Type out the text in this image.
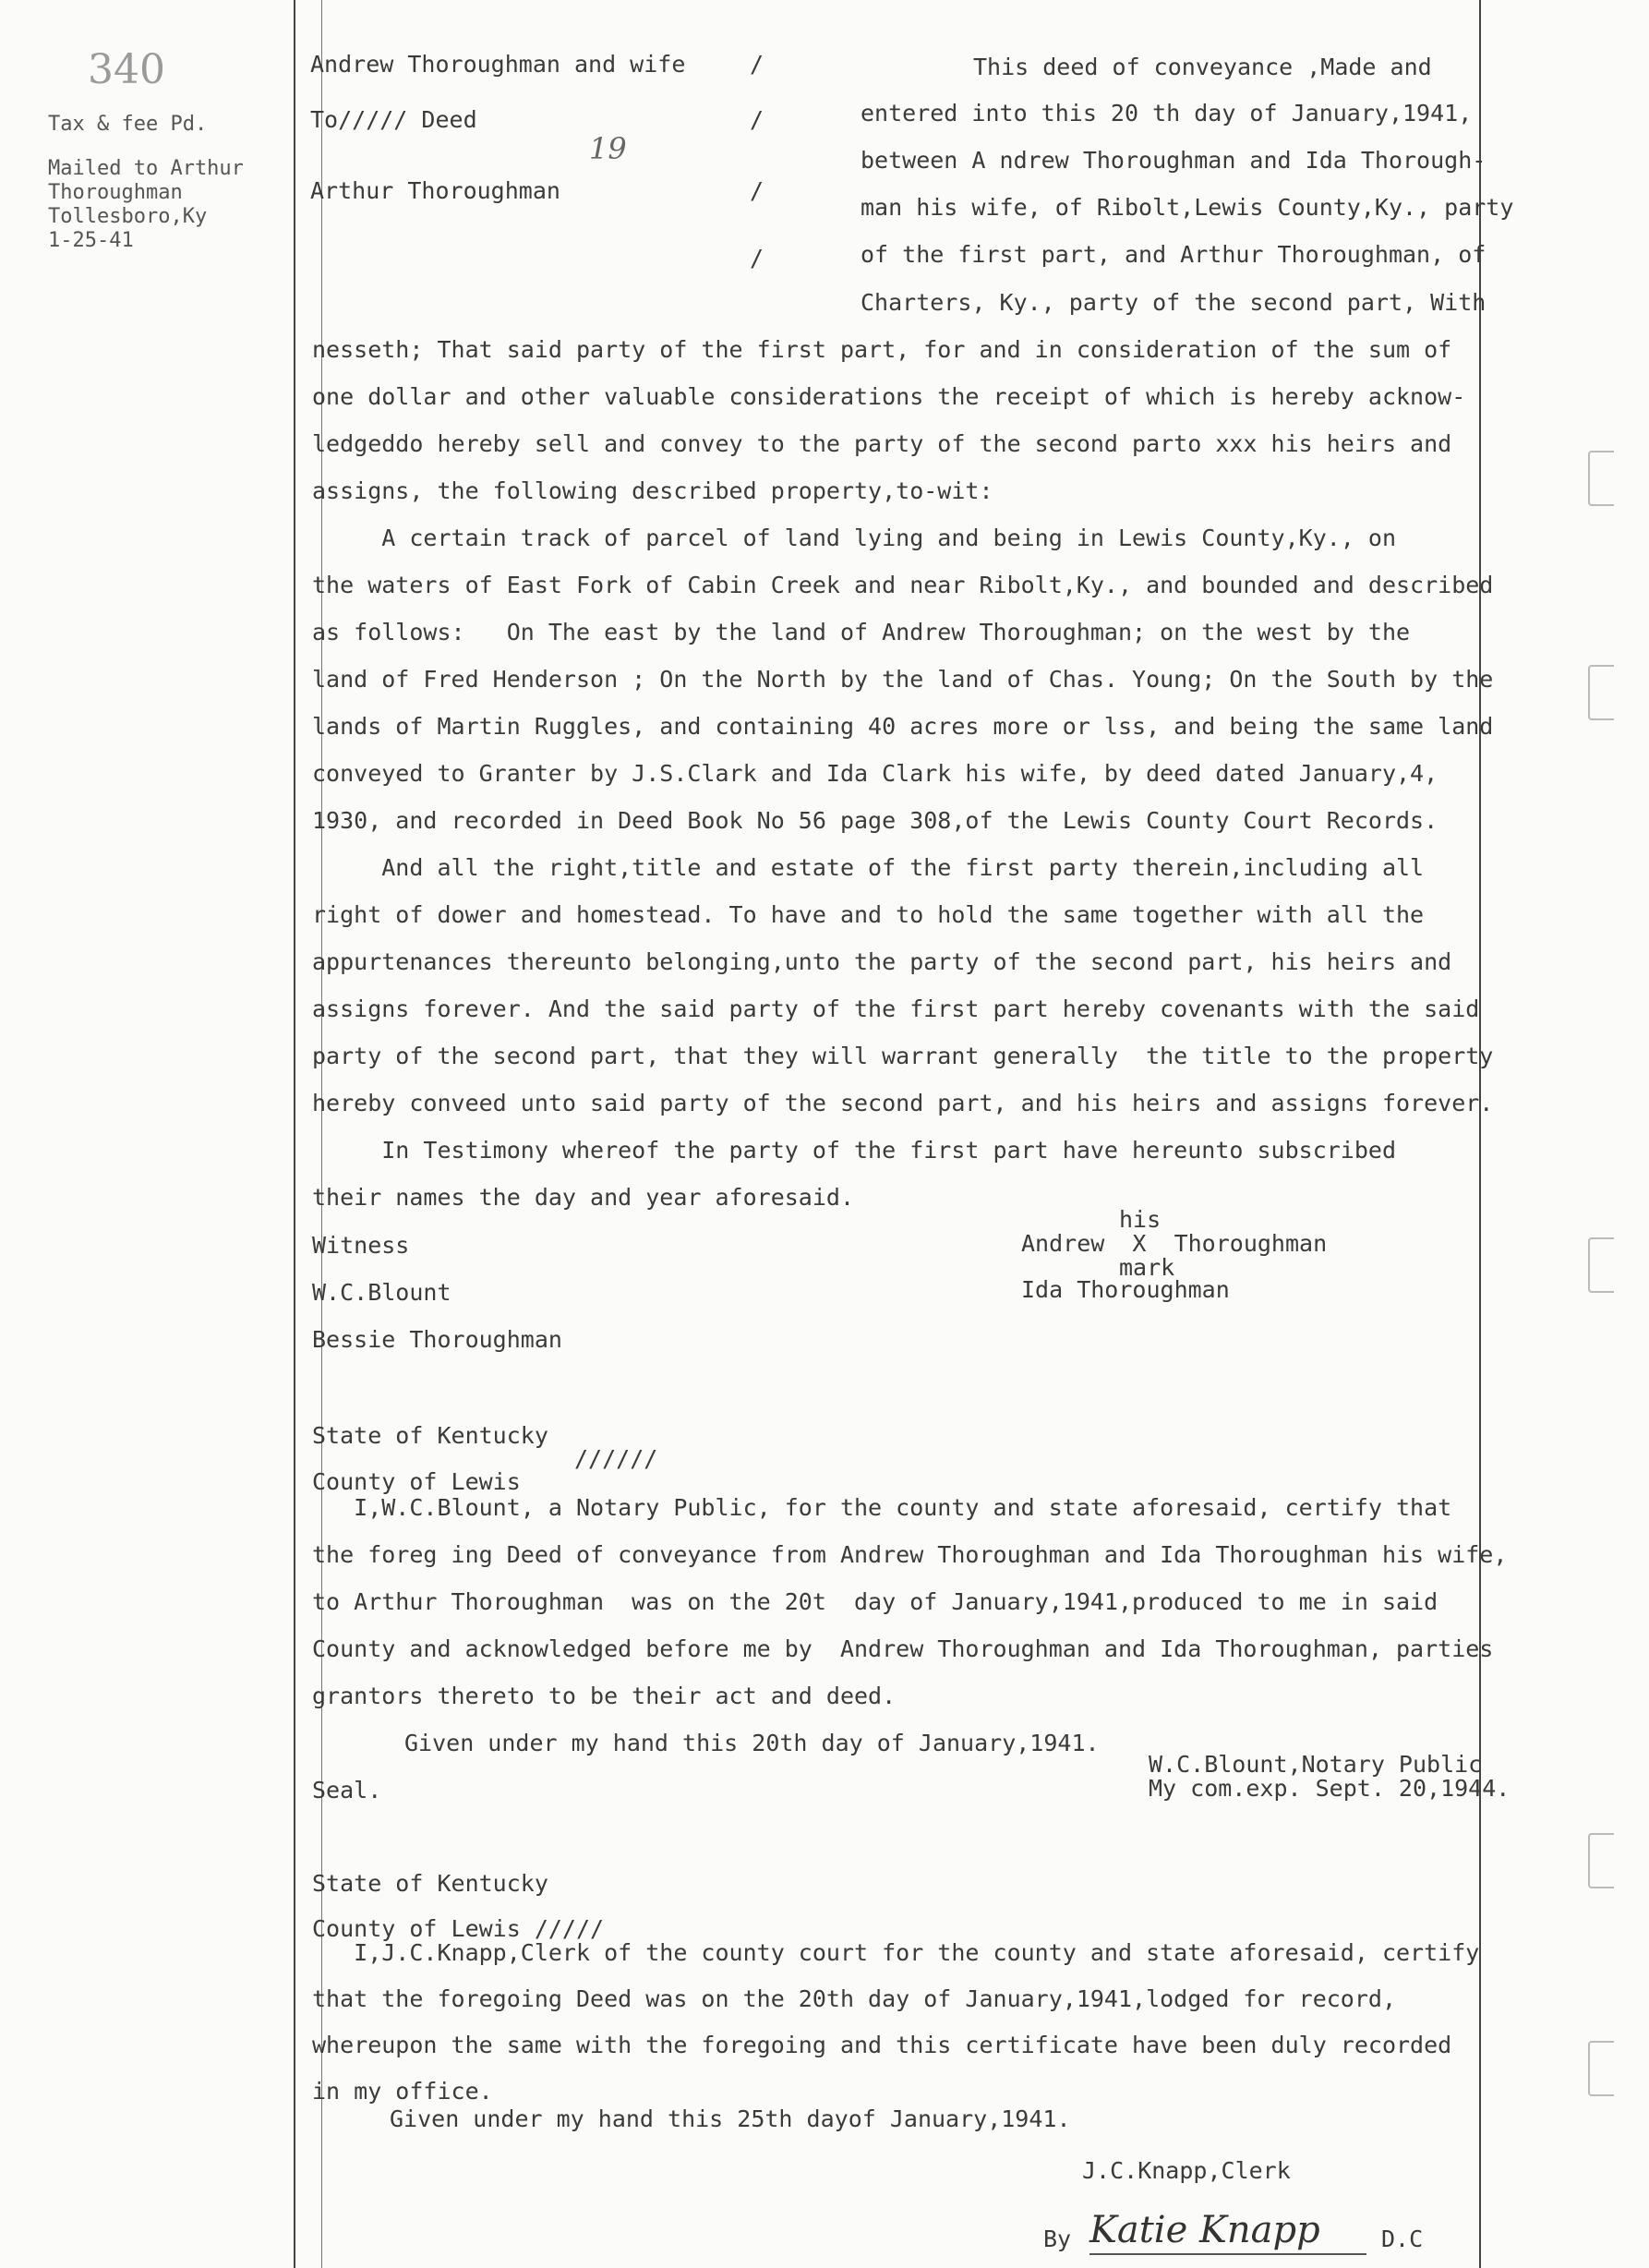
340
Tax & fee Pd.
Mailed to Arthur
Thoroughman
Tollesboro,Ky
1-25-41
Andrew Thoroughman and wife
To///// Deed
Arthur Thoroughman
19
/
/
/
/
This deed of conveyance ,Made and
entered into this 20 th day of January,1941,
between A ndrew Thoroughman and Ida Thorough-
man his wife, of Ribolt,Lewis County,Ky., party
of the first part, and Arthur Thoroughman, of
Charters, Ky., party of the second part, With
nesseth; That said party of the first part, for and in consideration of the sum of
one dollar and other valuable considerations the receipt of which is hereby acknow-
ledgeddo hereby sell and convey to the party of the second parto xxx his heirs and
assigns, the following described property,to-wit:
A certain track of parcel of land lying and being in Lewis County,Ky., on
the waters of East Fork of Cabin Creek and near Ribolt,Ky., and bounded and described
as follows:   On The east by the land of Andrew Thoroughman; on the west by the
land of Fred Henderson ; On the North by the land of Chas. Young; On the South by the
lands of Martin Ruggles, and containing 40 acres more or lss, and being the same land
conveyed to Granter by J.S.Clark and Ida Clark his wife, by deed dated January,4,
1930, and recorded in Deed Book No 56 page 308,of the Lewis County Court Records.
And all the right,title and estate of the first party therein,including all
right of dower and homestead. To have and to hold the same together with all the
appurtenances thereunto belonging,unto the party of the second part, his heirs and
assigns forever. And the said party of the first part hereby covenants with the said
party of the second part, that they will warrant generally  the title to the property
hereby conveed unto said party of the second part, and his heirs and assigns forever.
In Testimony whereof the party of the first part have hereunto subscribed
their names the day and year aforesaid.
his
Witness	Andrew  X  Thoroughman
mark
W.C.Blount	Ida Thoroughman
Bessie Thoroughman
State of Kentucky
//////
County of Lewis
I,W.C.Blount, a Notary Public, for the county and state aforesaid, certify that
the foreg ing Deed of conveyance from Andrew Thoroughman and Ida Thoroughman his wife,
to Arthur Thoroughman  was on the 20t  day of January,1941,produced to me in said
County and acknowledged before me by  Andrew Thoroughman and Ida Thoroughman, parties
grantors thereto to be their act and deed.
Given under my hand this 20th day of January,1941.
W.C.Blount,Notary Public
Seal.	My com.exp. Sept. 20,1944.
State of Kentucky
County of Lewis /////
I,J.C.Knapp,Clerk of the county court for the county and state aforesaid, certify
that the foregoing Deed was on the 20th day of January,1941,lodged for record,
whereupon the same with the foregoing and this certificate have been duly recorded
in my office.
Given under my hand this 25th dayof January,1941.
J.C.Knapp,Clerk
By Katie Knapp	D.C
